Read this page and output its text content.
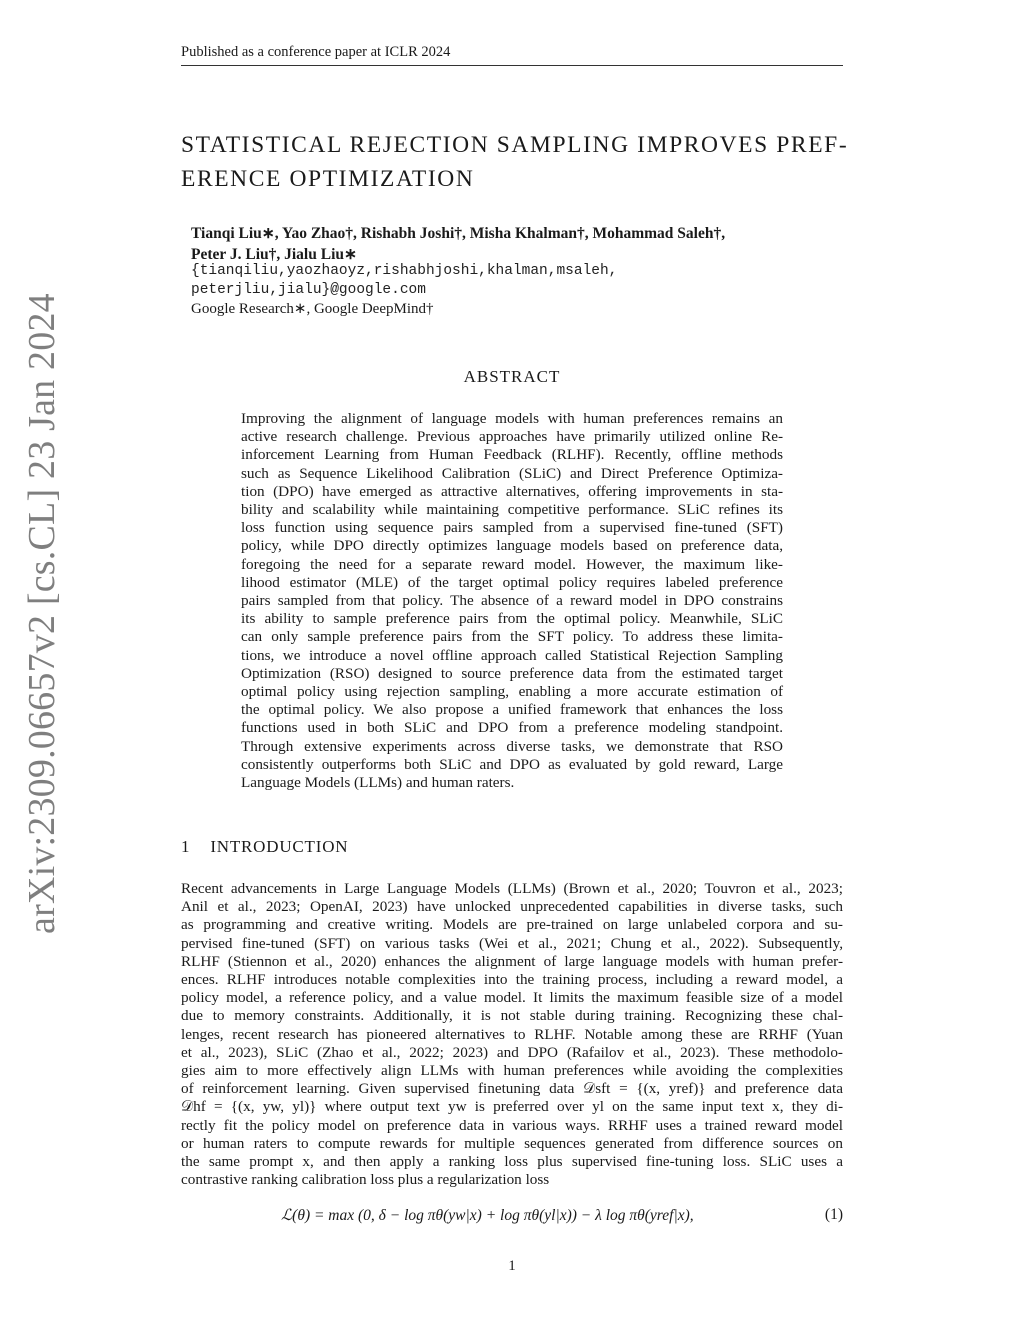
Published as a conference paper at ICLR 2024
arXiv:2309.06657v2 [cs.CL] 23 Jan 2024
STATISTICAL REJECTION SAMPLING IMPROVES PREF-
ERENCE OPTIMIZATION
Tianqi Liu∗, Yao Zhao†, Rishabh Joshi†, Misha Khalman†, Mohammad Saleh†,
Peter J. Liu†, Jialu Liu∗
{tianqiliu,yaozhaoyz,rishabhjoshi,khalman,msaleh,
peterjliu,jialu}@google.com
Google Research∗, Google DeepMind†
ABSTRACT
Improving the alignment of language models with human preferences remains an
active research challenge. Previous approaches have primarily utilized online Re-
inforcement Learning from Human Feedback (RLHF). Recently, offline methods
such as Sequence Likelihood Calibration (SLiC) and Direct Preference Optimiza-
tion (DPO) have emerged as attractive alternatives, offering improvements in sta-
bility and scalability while maintaining competitive performance. SLiC refines its
loss function using sequence pairs sampled from a supervised fine-tuned (SFT)
policy, while DPO directly optimizes language models based on preference data,
foregoing the need for a separate reward model. However, the maximum like-
lihood estimator (MLE) of the target optimal policy requires labeled preference
pairs sampled from that policy. The absence of a reward model in DPO constrains
its ability to sample preference pairs from the optimal policy. Meanwhile, SLiC
can only sample preference pairs from the SFT policy. To address these limita-
tions, we introduce a novel offline approach called Statistical Rejection Sampling
Optimization (RSO) designed to source preference data from the estimated target
optimal policy using rejection sampling, enabling a more accurate estimation of
the optimal policy. We also propose a unified framework that enhances the loss
functions used in both SLiC and DPO from a preference modeling standpoint.
Through extensive experiments across diverse tasks, we demonstrate that RSO
consistently outperforms both SLiC and DPO as evaluated by gold reward, Large
Language Models (LLMs) and human raters.
1 INTRODUCTION
Recent advancements in Large Language Models (LLMs) (Brown et al., 2020; Touvron et al., 2023;
Anil et al., 2023; OpenAI, 2023) have unlocked unprecedented capabilities in diverse tasks, such
as programming and creative writing. Models are pre-trained on large unlabeled corpora and su-
pervised fine-tuned (SFT) on various tasks (Wei et al., 2021; Chung et al., 2022). Subsequently,
RLHF (Stiennon et al., 2020) enhances the alignment of large language models with human prefer-
ences. RLHF introduces notable complexities into the training process, including a reward model, a
policy model, a reference policy, and a value model. It limits the maximum feasible size of a model
due to memory constraints. Additionally, it is not stable during training. Recognizing these chal-
lenges, recent research has pioneered alternatives to RLHF. Notable among these are RRHF (Yuan
et al., 2023), SLiC (Zhao et al., 2022; 2023) and DPO (Rafailov et al., 2023). These methodolo-
gies aim to more effectively align LLMs with human preferences while avoiding the complexities
of reinforcement learning. Given supervised finetuning data 𝒟sft = {(x, yref)} and preference data
𝒟hf = {(x, yw, yl)} where output text yw is preferred over yl on the same input text x, they di-
rectly fit the policy model on preference data in various ways. RRHF uses a trained reward model
or human raters to compute rewards for multiple sequences generated from difference sources on
the same prompt x, and then apply a ranking loss plus supervised fine-tuning loss. SLiC uses a
contrastive ranking calibration loss plus a regularization loss
ℒ(θ) = max (0, δ − log πθ(yw|x) + log πθ(yl|x)) − λ log πθ(yref|x),	(1)
1
